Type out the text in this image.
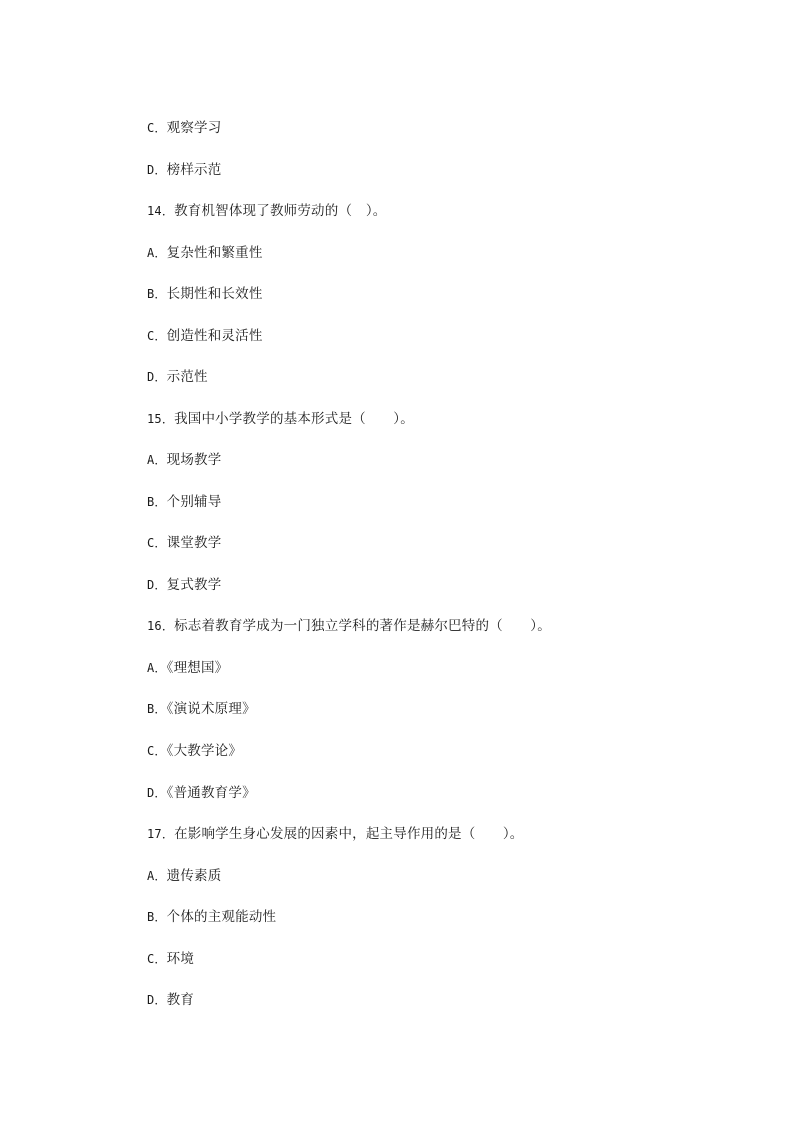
C．观察学习
D．榜样示范
14．教育机智体现了教师劳动的（　）。
A．复杂性和繁重性
B．长期性和长效性
C．创造性和灵活性
D．示范性
15．我国中小学教学的基本形式是（　　）。
A．现场教学
B．个别辅导
C．课堂教学
D．复式教学
16．标志着教育学成为一门独立学科的著作是赫尔巴特的（　　）。
A．《理想国》
B．《演说术原理》
C．《大教学论》
D．《普通教育学》
17．在影响学生身心发展的因素中，起主导作用的是（　　）。
A．遗传素质
B．个体的主观能动性
C．环境
D．教育
